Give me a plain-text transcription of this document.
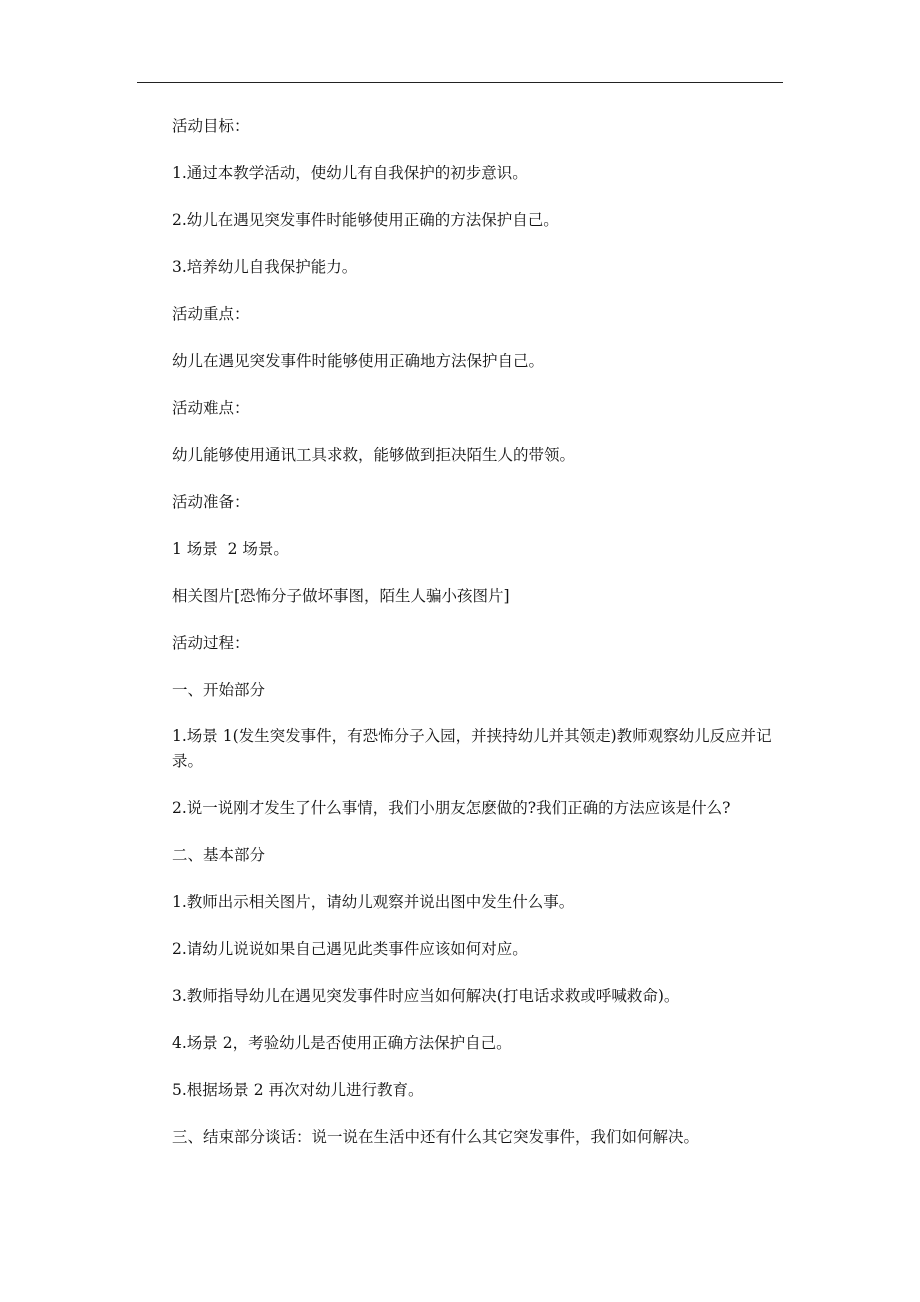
活动目标：

1.通过本教学活动，使幼儿有自我保护的初步意识。

2.幼儿在遇见突发事件时能够使用正确的方法保护自己。

3.培养幼儿自我保护能力。

活动重点：

幼儿在遇见突发事件时能够使用正确地方法保护自己。

活动难点：

幼儿能够使用通讯工具求救，能够做到拒决陌生人的带领。

活动准备：

1 场景  2 场景。

相关图片[恐怖分子做坏事图，陌生人骗小孩图片]

活动过程：

一、开始部分

1.场景 1(发生突发事件，有恐怖分子入园，并挟持幼儿并其领走)教师观察幼儿反应并记录。

2.说一说刚才发生了什么事情，我们小朋友怎麽做的?我们正确的方法应该是什么?

二、基本部分

1.教师出示相关图片，请幼儿观察并说出图中发生什么事。

2.请幼儿说说如果自己遇见此类事件应该如何对应。

3.教师指导幼儿在遇见突发事件时应当如何解决(打电话求救或呼喊救命)。

4.场景 2，考验幼儿是否使用正确方法保护自己。

5.根据场景 2 再次对幼儿进行教育。

三、结束部分谈话：说一说在生活中还有什么其它突发事件，我们如何解决。
